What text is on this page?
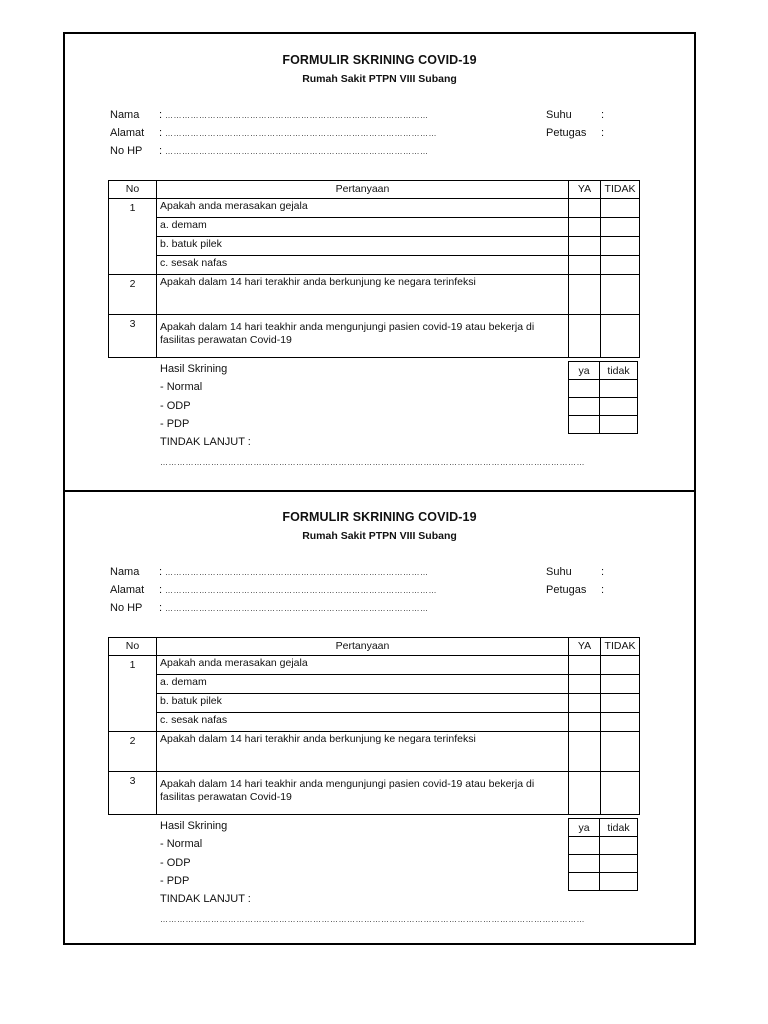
FORMULIR SKRINING COVID-19
Rumah Sakit PTPN VIII Subang
Nama : …………………………………………………………………………………
Alamat : ……………………………………………………………………………………
No HP : …………………………………………………………………………………
Suhu	:
Petugas :
No	Pertanyaan	YA	TIDAK
1	Apakah anda merasakan gejala		
	a. demam		
	b. batuk pilek		
	c. sesak nafas		
2	Apakah dalam 14 hari terakhir anda berkunjung ke negara terinfeksi		
3	Apakah dalam 14 hari teakhir anda mengunjungi pasien covid-19 atau bekerja di fasilitas perawatan Covid-19		
Hasil Skrining
- Normal
- ODP
- PDP
TINDAK LANJUT :
……………………………………………………………………………………………………………………………………
ya	tidak

FORMULIR SKRINING COVID-19
Rumah Sakit PTPN VIII Subang
Nama : …………………………………………………………………………………
Alamat : ……………………………………………………………………………………
No HP : …………………………………………………………………………………
Suhu	:
Petugas :
No	Pertanyaan	YA	TIDAK
1	Apakah anda merasakan gejala		
	a. demam		
	b. batuk pilek		
	c. sesak nafas		
2	Apakah dalam 14 hari terakhir anda berkunjung ke negara terinfeksi		
3	Apakah dalam 14 hari teakhir anda mengunjungi pasien covid-19 atau bekerja di fasilitas perawatan Covid-19		
Hasil Skrining
- Normal
- ODP
- PDP
TINDAK LANJUT :
……………………………………………………………………………………………………………………………………
ya	tidak
